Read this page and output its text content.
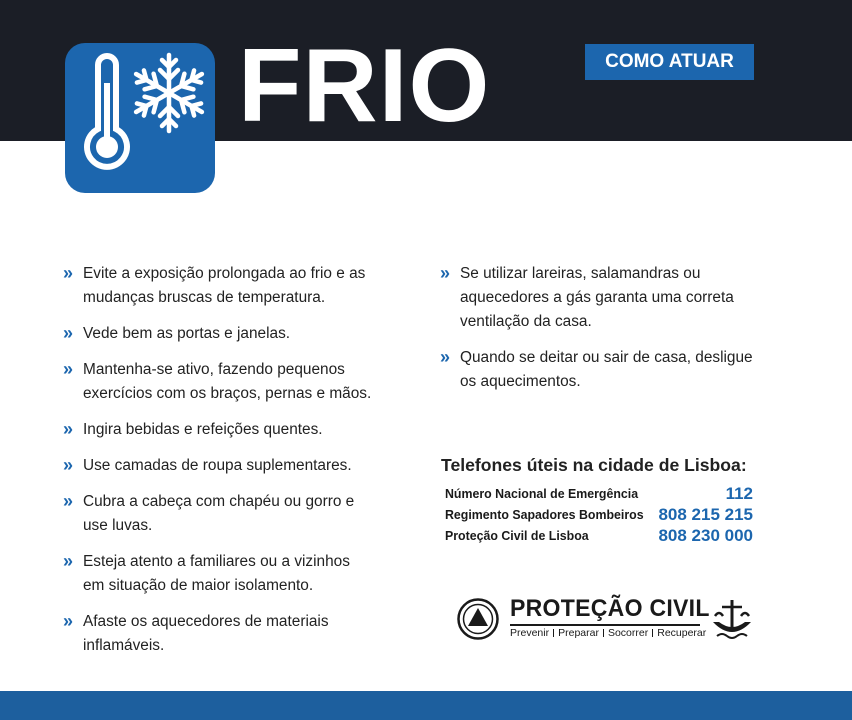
FRIO	COMO ATUAR
» Evite a exposição prolongada ao frio e as
mudanças bruscas de temperatura.
» Vede bem as portas e janelas.
» Mantenha-se ativo, fazendo pequenos
exercícios com os braços, pernas e mãos.
» Ingira bebidas e refeições quentes.
» Use camadas de roupa suplementares.
» Cubra a cabeça com chapéu ou gorro e
use luvas.
» Esteja atento a familiares ou a vizinhos
em situação de maior isolamento.
» Afaste os aquecedores de materiais
inflamáveis.
» Se utilizar lareiras, salamandras ou
aquecedores a gás garanta uma correta
ventilação da casa.
» Quando se deitar ou sair de casa, desligue
os aquecimentos.
Telefones úteis na cidade de Lisboa:
Número Nacional de Emergência	112
Regimento Sapadores Bombeiros 808 215 215
Proteção Civil de Lisboa	808 230 000
PROTEÇÃO CIVIL
Prevenir Preparar Socorrer Recuperar
